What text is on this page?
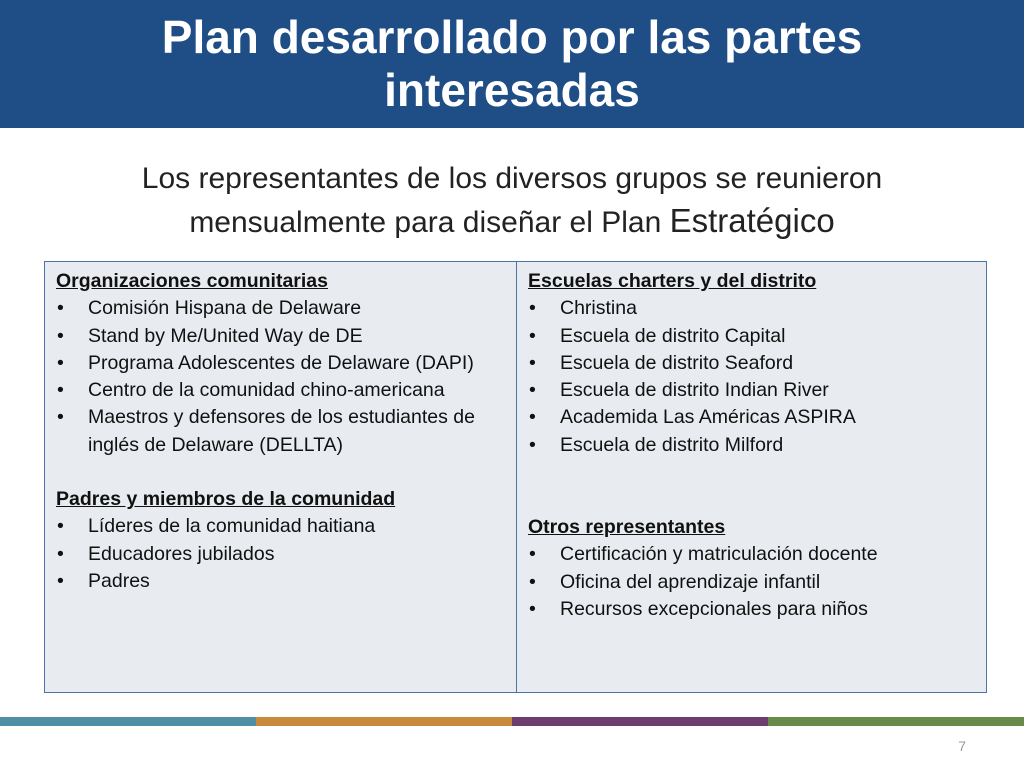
Plan desarrollado por las partes interesadas

Los representantes de los diversos grupos se reunieron mensualmente para diseñar el Plan Estratégico

Organizaciones comunitarias
• Comisión Hispana de Delaware
• Stand by Me/United Way de DE
• Programa Adolescentes de Delaware (DAPI)
• Centro de la comunidad chino-americana
• Maestros y defensores de los estudiantes de inglés de Delaware (DELLTA)
Padres y miembros de la comunidad
• Líderes de la comunidad haitiana
• Educadores jubilados
• Padres
Escuelas charters y del distrito
• Christina
• Escuela de distrito Capital
• Escuela de distrito Seaford
• Escuela de distrito Indian River
• Academida Las Américas ASPIRA
• Escuela de distrito Milford
Otros representantes
• Certificación y matriculación docente
• Oficina del aprendizaje infantil
• Recursos excepcionales para niños
7
